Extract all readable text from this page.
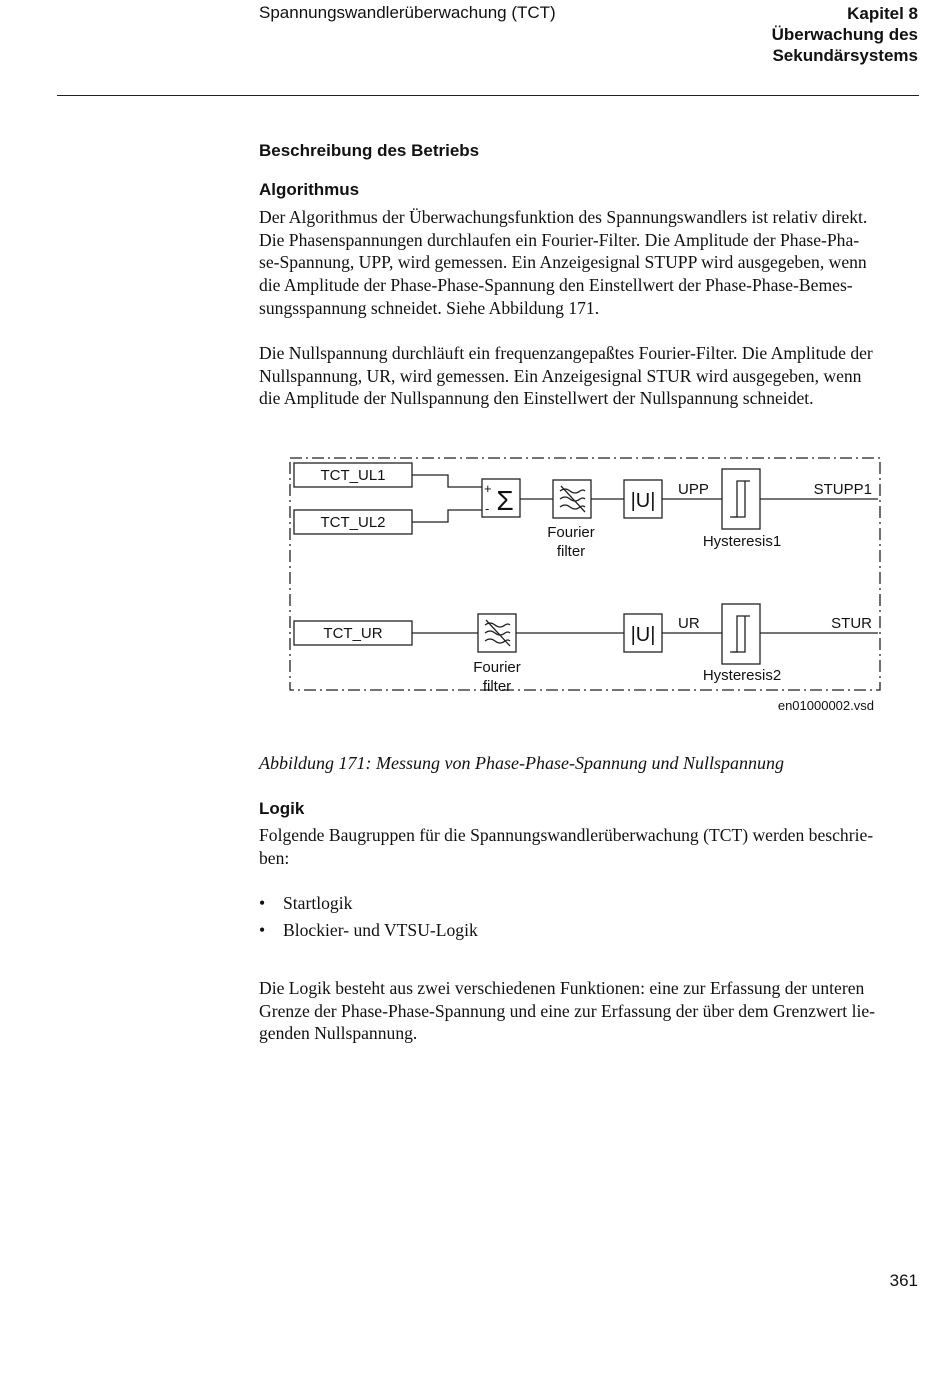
Spannungswandlerüberwachung (TCT)	Kapitel 8
Überwachung des
Sekundärsystems
Beschreibung des Betriebs
Algorithmus
Der Algorithmus der Überwachungsfunktion des Spannungswandlers ist relativ direkt.
Die Phasenspannungen durchlaufen ein Fourier-Filter. Die Amplitude der Phase-Pha-
se-Spannung, UPP, wird gemessen. Ein Anzeigesignal STUPP wird ausgegeben, wenn
die Amplitude der Phase-Phase-Spannung den Einstellwert der Phase-Phase-Bemes-
sungsspannung schneidet. Siehe Abbildung 171.
Die Nullspannung durchläuft ein frequenzangepaßtes Fourier-Filter. Die Amplitude der
Nullspannung, UR, wird gemessen. Ein Anzeigesignal STUR wird ausgegeben, wenn
die Amplitude der Nullspannung den Einstellwert der Nullspannung schneidet.
TCT_UL1
TCT_UL2
TCT_UR
+
- Σ
Fourier
filter
Fourier
filter
|U|
|U|
UPP
UR
Hysteresis1
Hysteresis2
STUPP1
STUR
en01000002.vsd
Abbildung 171: Messung von Phase-Phase-Spannung und Nullspannung
Logik
Folgende Baugruppen für die Spannungswandlerüberwachung (TCT) werden beschrie-
ben:
• Startlogik
• Blockier- und VTSU-Logik
Die Logik besteht aus zwei verschiedenen Funktionen: eine zur Erfassung der unteren
Grenze der Phase-Phase-Spannung und eine zur Erfassung der über dem Grenzwert lie-
genden Nullspannung.
361
